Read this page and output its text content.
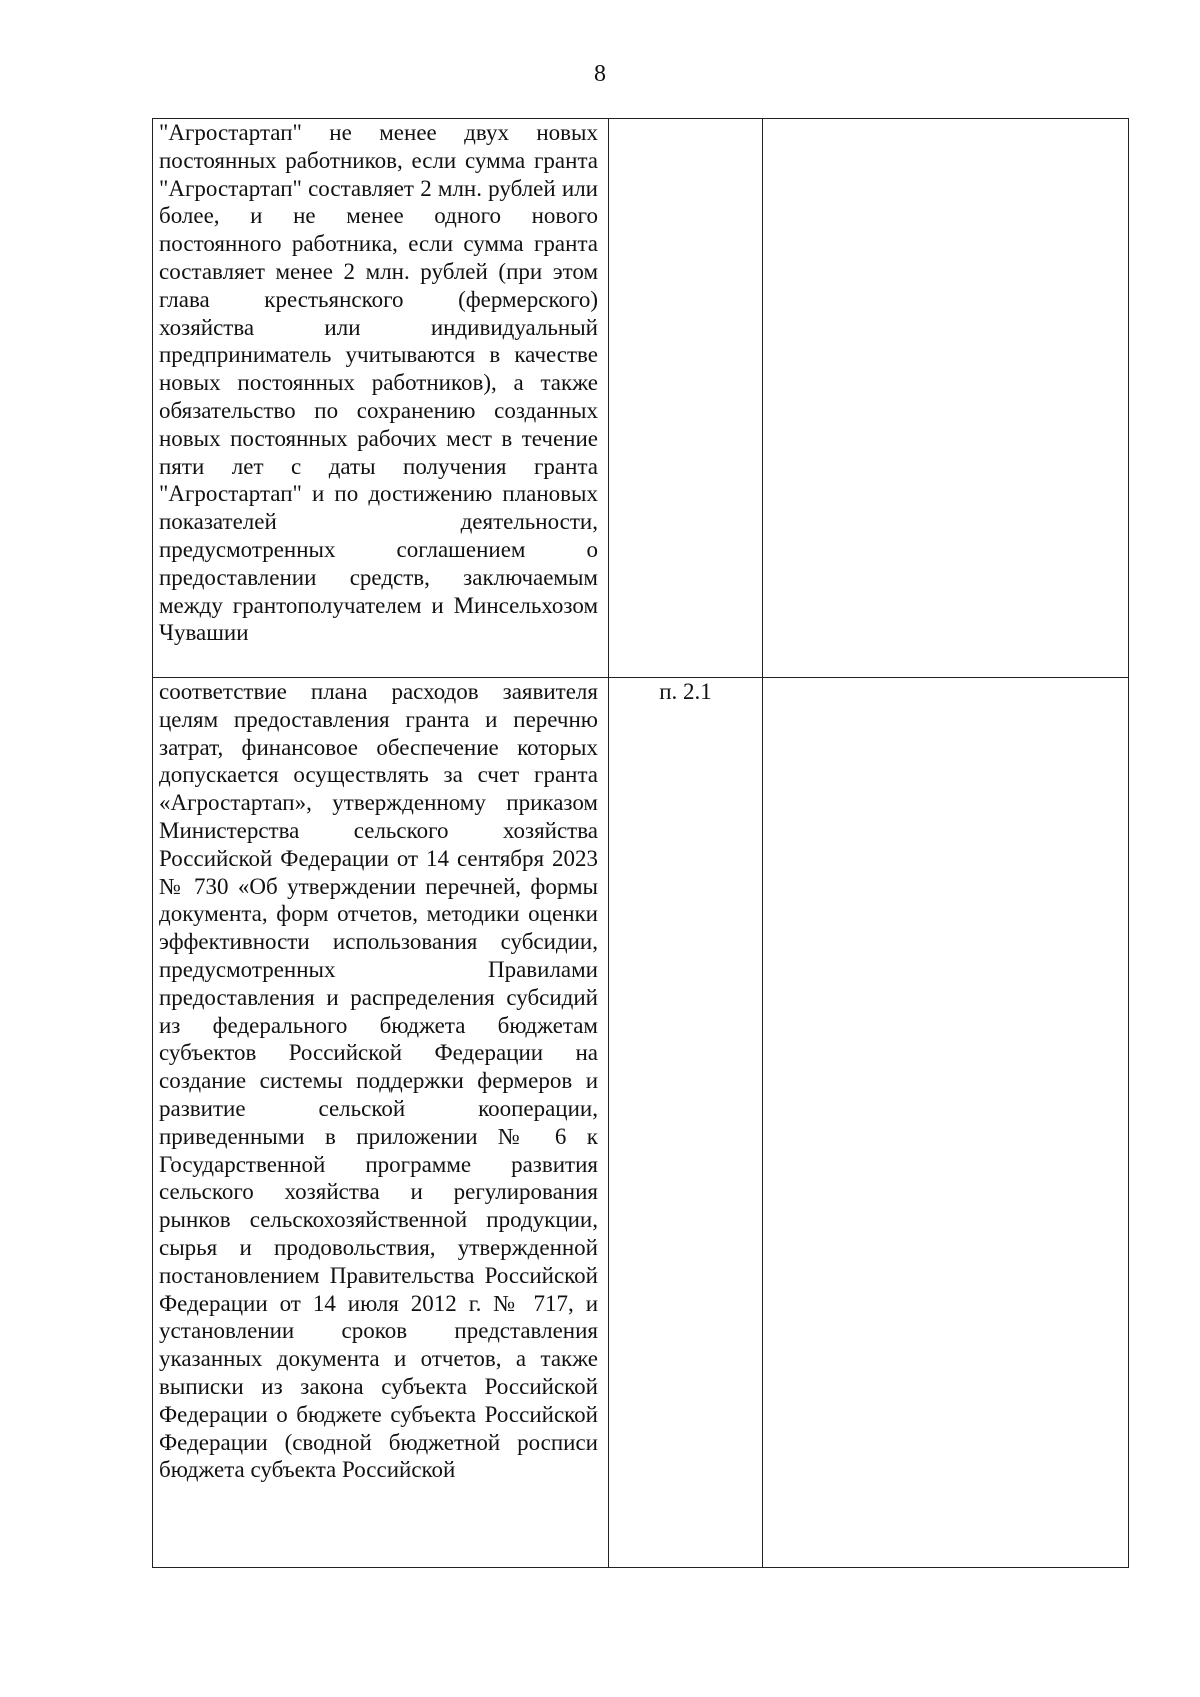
8
"Агростартап" не менее двух новых постоянных работников, если сумма гранта "Агростартап" составляет 2 млн. рублей или более, и не менее одного нового постоянного работника, если сумма гранта составляет менее 2 млн. рублей (при этом глава крестьянского (фермерского) хозяйства или индивидуальный предприниматель учитываются в качестве новых постоянных работников), а также обязательство по сохранению созданных новых постоянных рабочих мест в течение пяти лет с даты получения гранта "Агростартап" и по достижению плановых показателей деятельности, предусмотренных соглашением о предоставлении средств, заключаемым между грантополучателем и Минсельхозом Чувашии		

соответствие плана расходов заявителя целям предоставления гранта и перечню затрат, финансовое обеспечение которых допускается осуществлять за счет гранта «Агростартап», утвержденному приказом Министерства сельского хозяйства Российской Федерации от 14 сентября 2023 № 730 «Об утверждении перечней, формы документа, форм отчетов, методики оценки эффективности использования субсидии, предусмотренных Правилами предоставления и распределения субсидий из федерального бюджета бюджетам субъектов Российской Федерации на создание системы поддержки фермеров и развитие сельской кооперации, приведенными в приложении № 6 к Государственной программе развития сельского хозяйства и регулирования рынков сельскохозяйственной продукции, сырья и продовольствия, утвержденной постановлением Правительства Российской Федерации от 14 июля 2012 г. № 717, и установлении сроков представления указанных документа и отчетов, а также выписки из закона субъекта Российской Федерации о бюджете субъекта Российской Федерации (сводной бюджетной росписи бюджета субъекта Российской	п. 2.1	
